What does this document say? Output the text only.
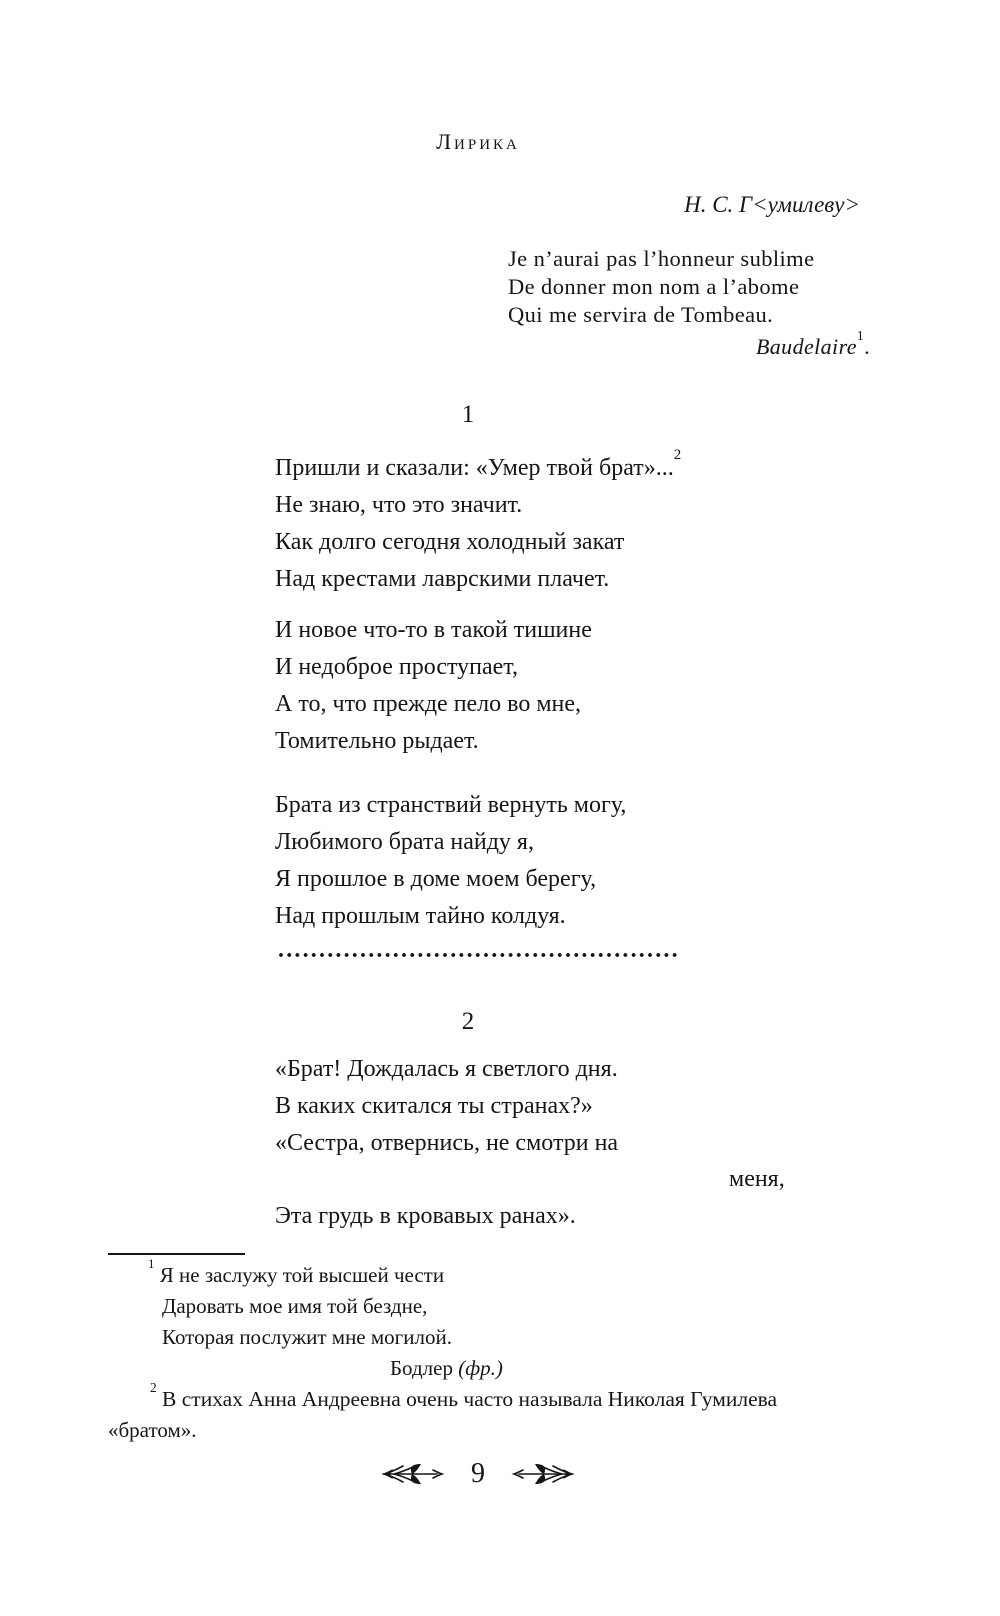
Лирика
Н. С. Г<умилеву>
Je n’aurai pas l’honneur sublime
De donner mon nom a l’abome
Qui me servira de Tombeau.
Baudelaire$^1$.
1
Пришли и сказали: «Умер твой брат»...$^2$
Не знаю, что это значит.
Как долго сегодня холодный закат
Над крестами лаврскими плачет.
И новое что-то в такой тишине
И недоброе проступает,
А то, что прежде пело во мне,
Томительно рыдает.
Брата из странствий вернуть могу,
Любимого брата найду я,
Я прошлое в доме моем берегу,
Над прошлым тайно колдуя.
.................................................
2
«Брат! Дождалась я светлого дня.
В каких скитался ты странах?»
«Сестра, отвернись, не смотри на
меня,
Эта грудь в кровавых ранах».
$^1$ Я не заслужу той высшей чести
Даровать мое имя той бездне,
Которая послужит мне могилой.
Бодлер (фр.)
$^2$ В стихах Анна Андреевна очень часто называла Николая Гумилева
«братом».
9
